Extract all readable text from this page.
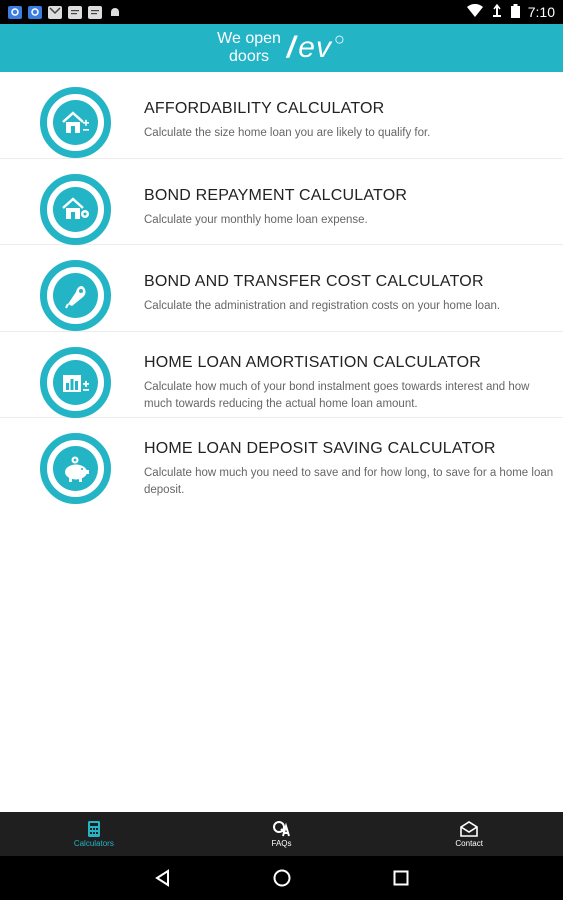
7:10
We open
doors / ev ○
AFFORDABILITY CALCULATOR
Calculate the size home loan you are likely to qualify for.
BOND REPAYMENT CALCULATOR
Calculate your monthly home loan expense.
BOND AND TRANSFER COST CALCULATOR
Calculate the administration and registration costs on your home loan.
HOME LOAN AMORTISATION CALCULATOR
Calculate how much of your bond instalment goes towards interest and how much towards reducing the actual home loan amount.
HOME LOAN DEPOSIT SAVING CALCULATOR
Calculate how much you need to save and for how long, to save for a home loan deposit.
Calculators	FAQs	Contact
